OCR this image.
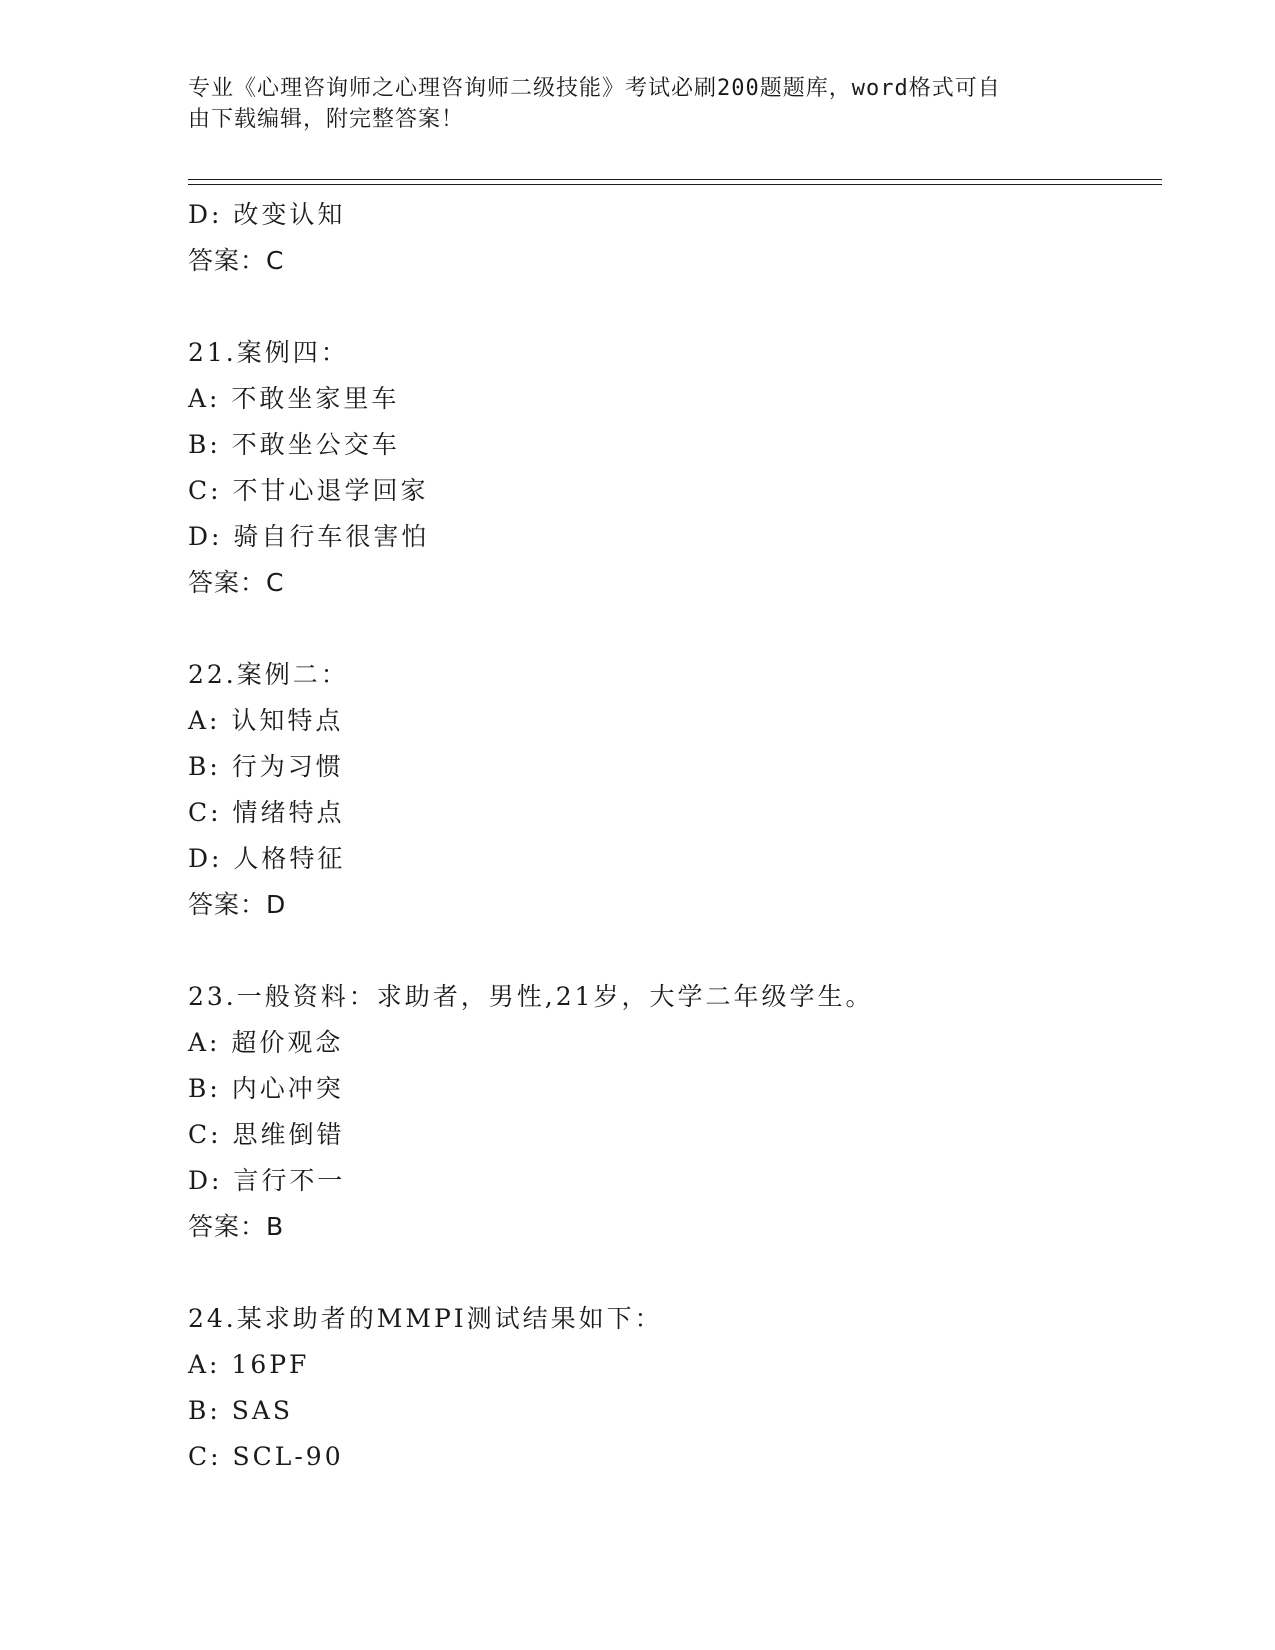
专业《心理咨询师之心理咨询师二级技能》考试必刷200题题库，word格式可自
由下载编辑，附完整答案！
D: 改变认知
答案：C
21.案例四：
A: 不敢坐家里车
B: 不敢坐公交车
C: 不甘心退学回家
D: 骑自行车很害怕
答案：C
22.案例二：
A: 认知特点
B: 行为习惯
C: 情绪特点
D: 人格特征
答案：D
23.一般资料：求助者，男性,21岁，大学二年级学生。
A: 超价观念
B: 内心冲突
C: 思维倒错
D: 言行不一
答案：B
24.某求助者的MMPI测试结果如下：
A: 16PF
B: SAS
C: SCL-90
